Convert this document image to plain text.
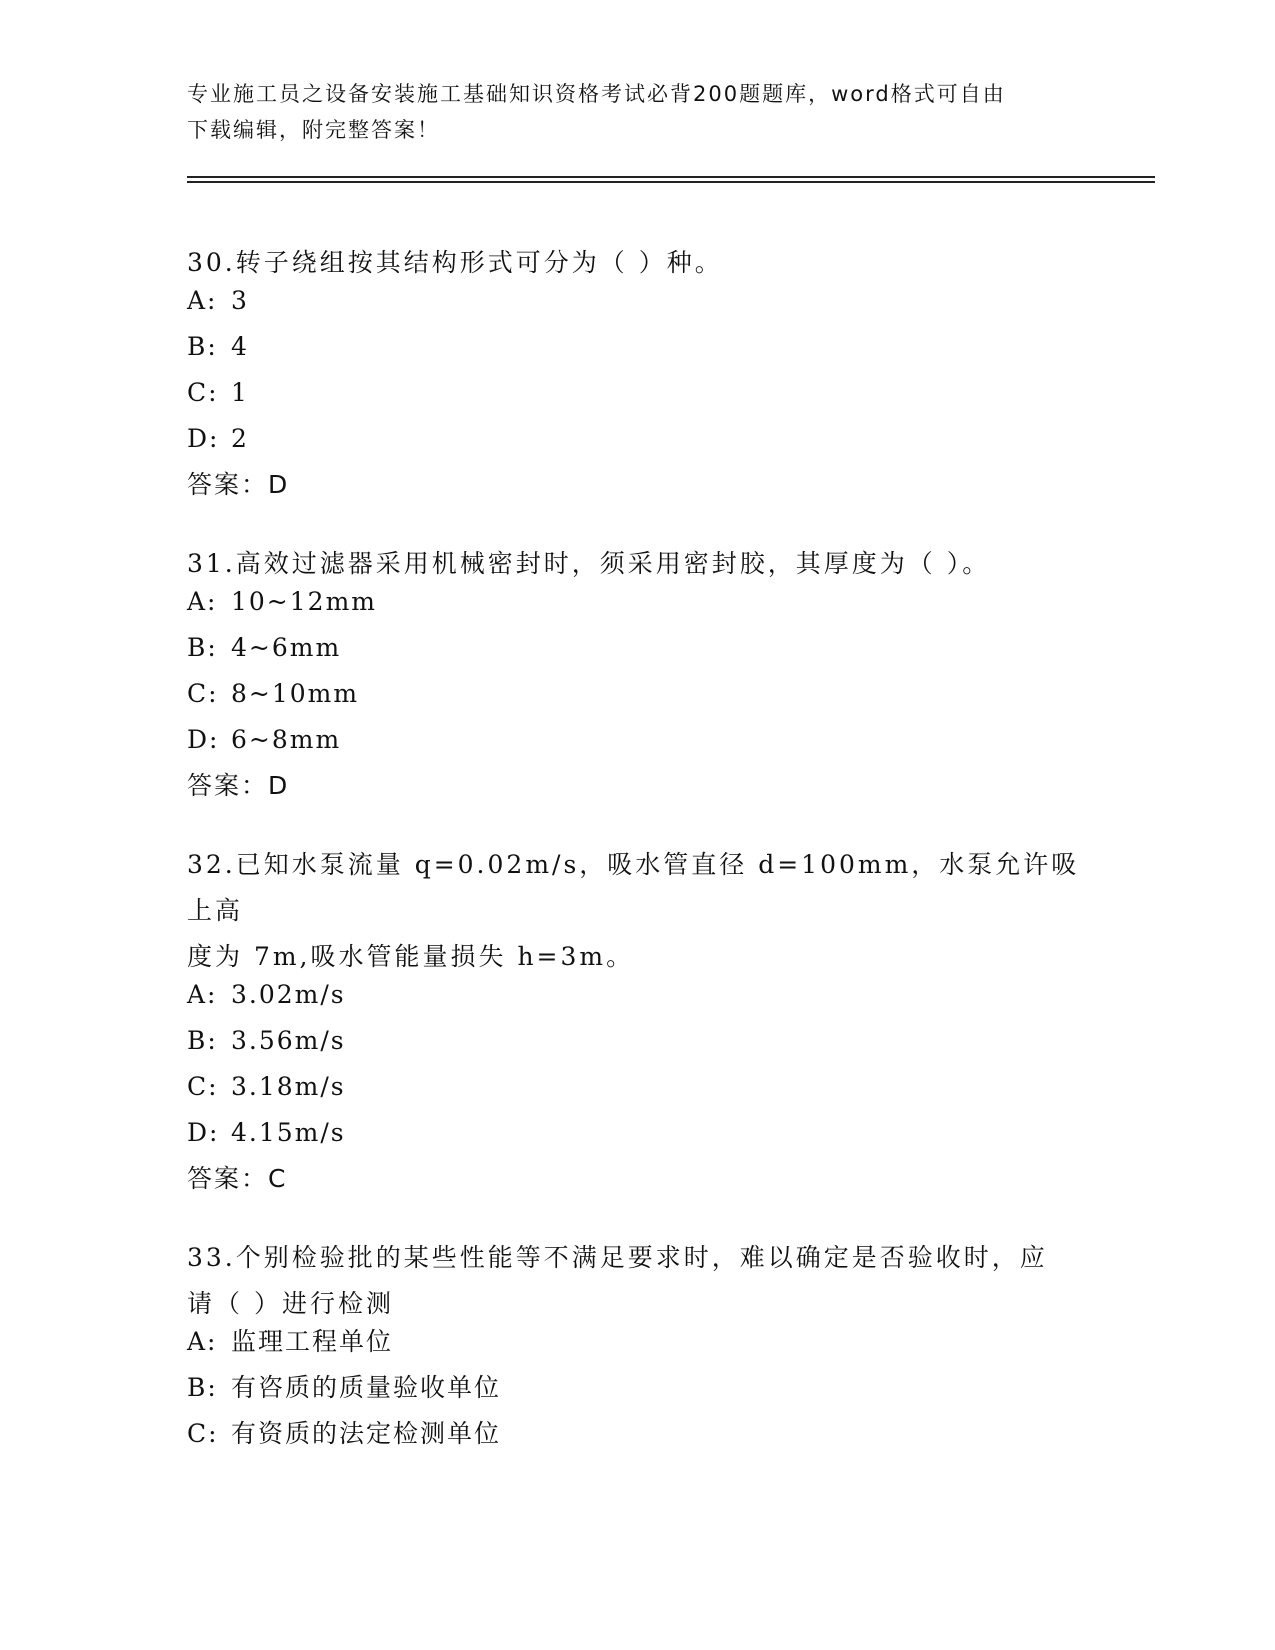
专业施工员之设备安装施工基础知识资格考试必背200题题库，word格式可自由
下载编辑，附完整答案！

30.转子绕组按其结构形式可分为（ ）种。

A: 3

B: 4

C: 1

D: 2

答案：D

31.高效过滤器采用机械密封时，须采用密封胶，其厚度为（ ）。

A: 10~12mm

B: 4~6mm

C: 8~10mm

D: 6~8mm

答案：D

32.已知水泵流量 q=0.02m/s，吸水管直径 d=100mm，水泵允许吸上高

度为 7m,吸水管能量损失 h=3m。

A: 3.02m/s

B: 3.56m/s

C: 3.18m/s

D: 4.15m/s

答案：C

33.个别检验批的某些性能等不满足要求时，难以确定是否验收时，应

请（ ）进行检测

A: 监理工程单位

B: 有咨质的质量验收单位

C: 有资质的法定检测单位
